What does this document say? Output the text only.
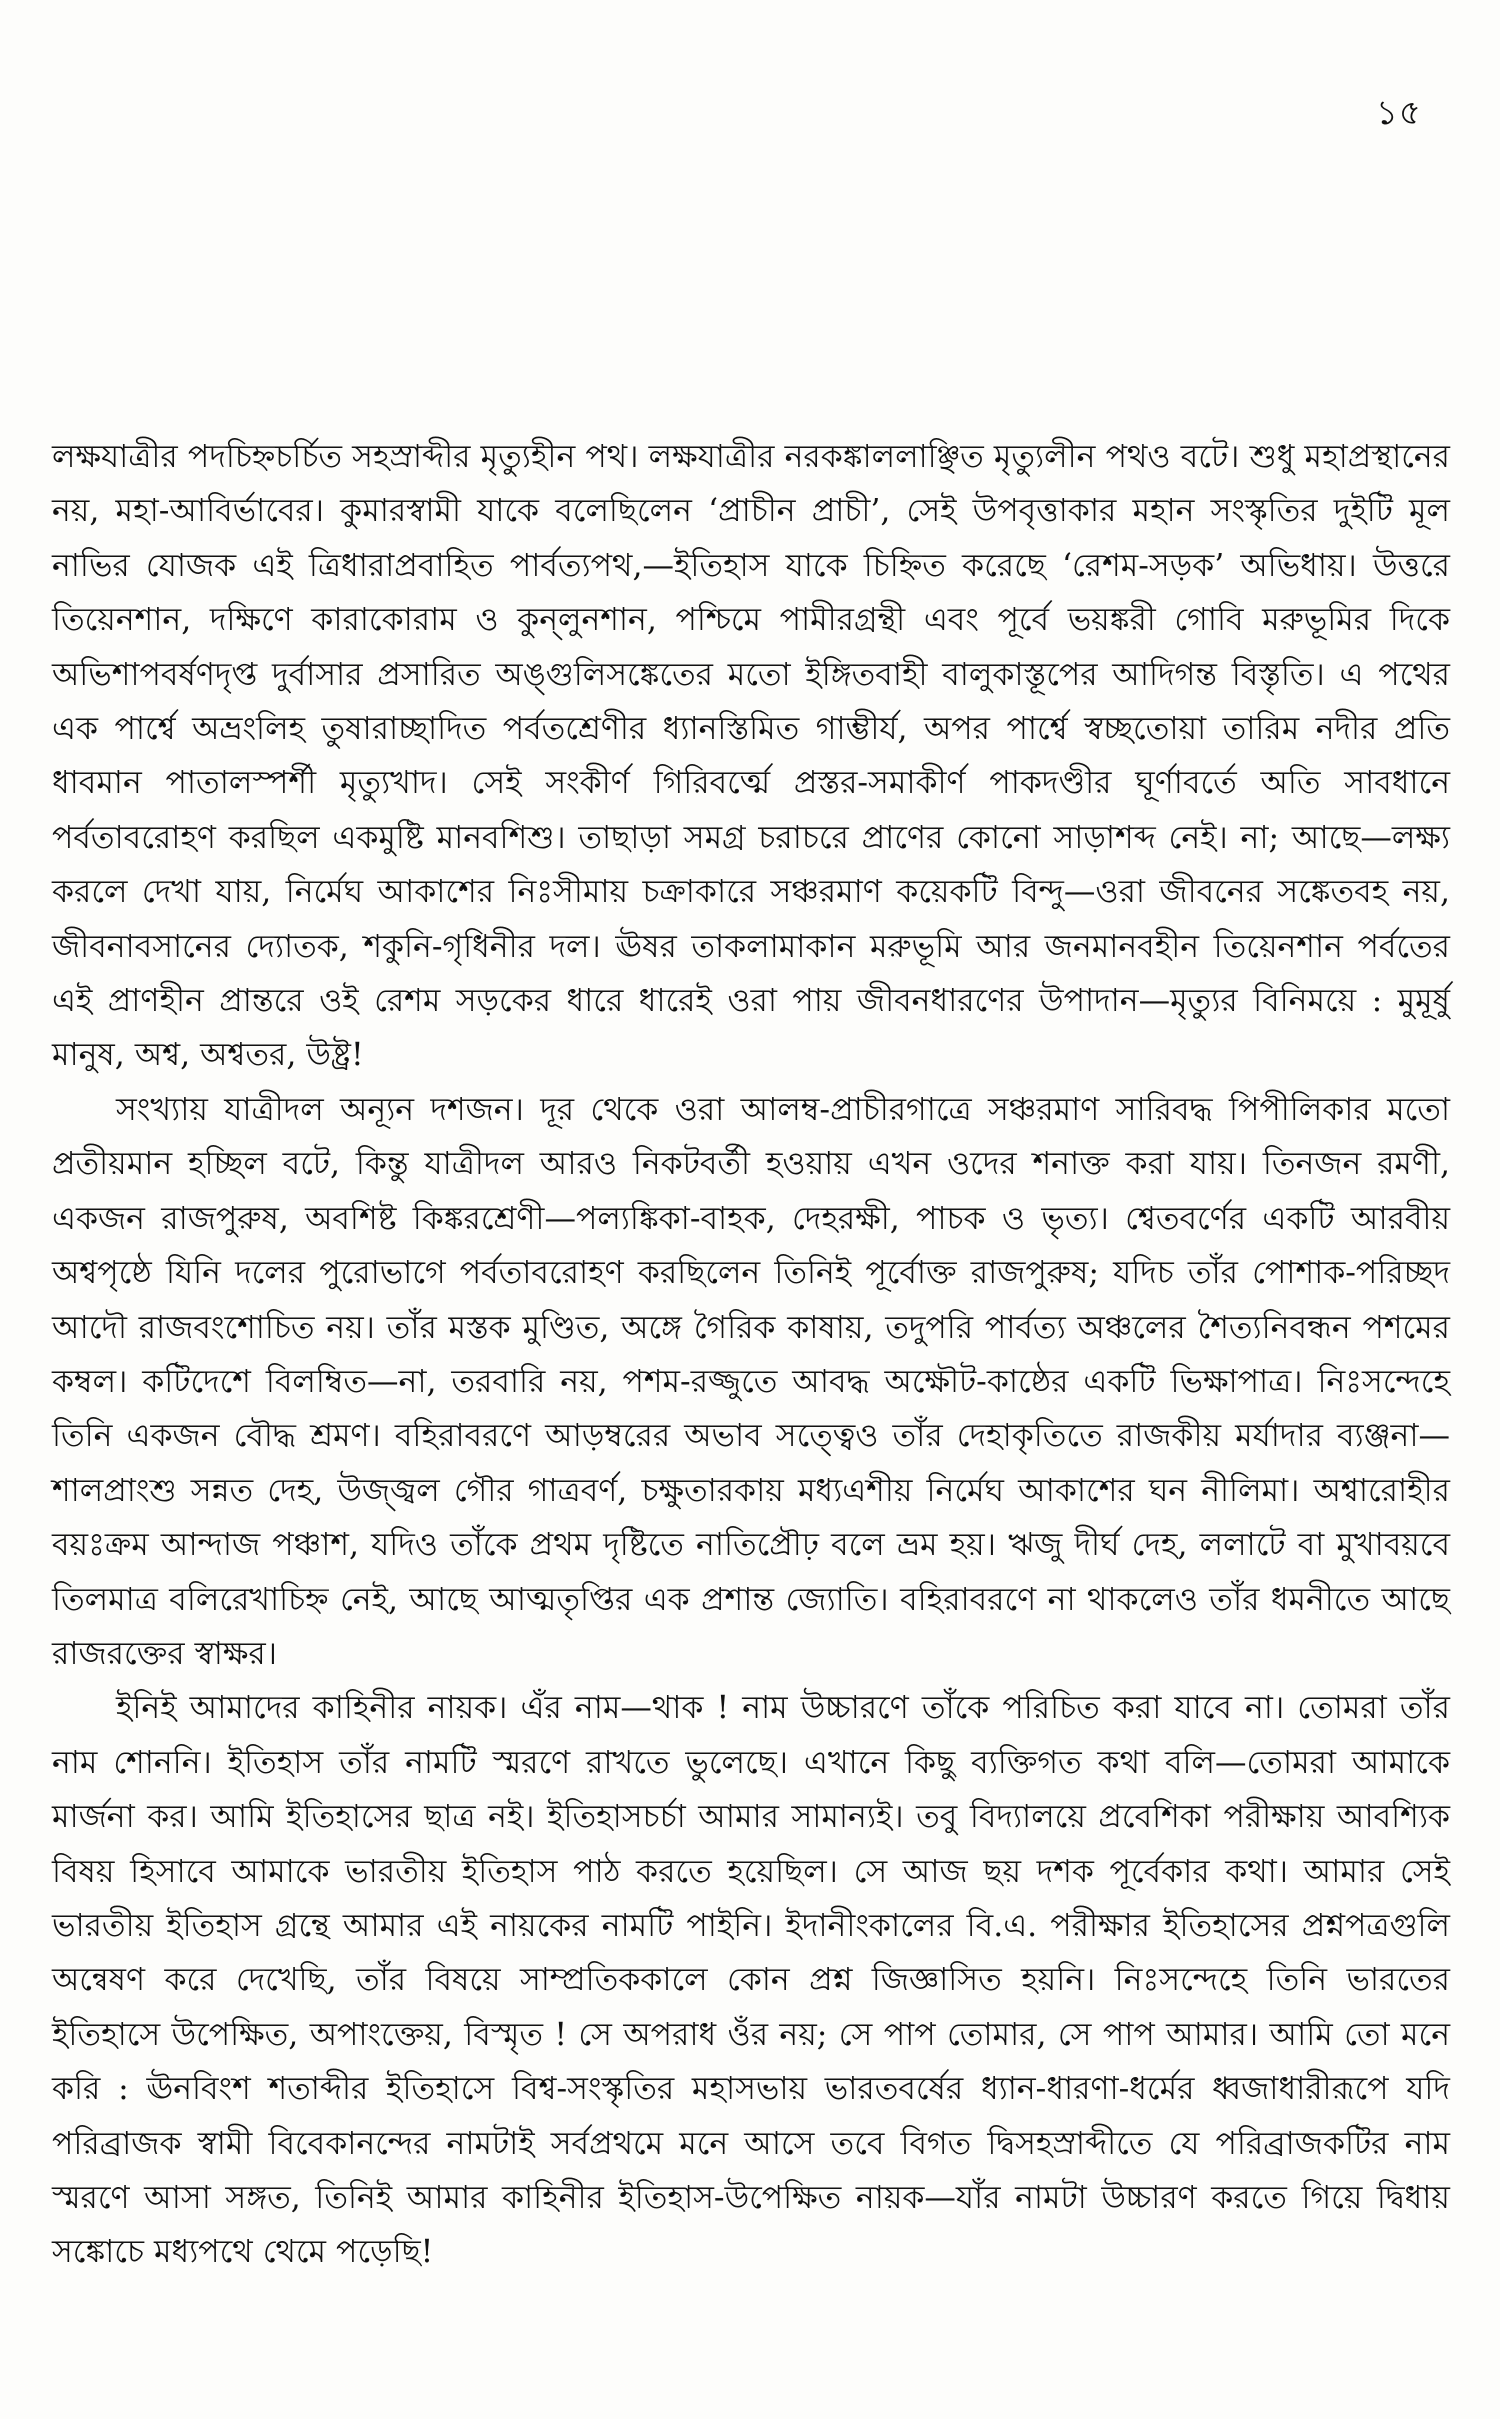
১৫

লক্ষযাত্রীর পদচিহ্নচর্চিত সহস্রাব্দীর মৃত্যুহীন পথ। লক্ষযাত্রীর নরকঙ্কাললাঞ্ছিত মৃত্যুলীন পথও বটে। শুধু মহাপ্রস্থানের নয়, মহা-আবির্ভাবের। কুমারস্বামী যাকে বলেছিলেন ‘প্রাচীন প্রাচী’, সেই উপবৃত্তাকার মহান সংস্কৃতির দুইটি মূল নাভির যোজক এই ত্রিধারাপ্রবাহিত পার্বত্যপথ,—ইতিহাস যাকে চিহ্নিত করেছে ‘রেশম-সড়ক’ অভিধায়। উত্তরে তিয়েনশান, দক্ষিণে কারাকোরাম ও কুন্‌লুনশান, পশ্চিমে পামীরগ্রন্থী এবং পূর্বে ভয়ঙ্করী গোবি মরুভূমির দিকে অভিশাপবর্ষণদৃপ্ত দুর্বাসার প্রসারিত অঙ্গুলিসঙ্কেতের মতো ইঙ্গিতবাহী বালুকাস্তূপের আদিগন্ত বিস্তৃতি। এ পথের এক পার্শ্বে অভ্রংলিহ তুষারাচ্ছাদিত পর্বতশ্রেণীর ধ্যানস্তিমিত গাম্ভীর্য, অপর পার্শ্বে স্বচ্ছতোয়া তারিম নদীর প্রতি ধাবমান পাতালস্পর্শী মৃত্যুখাদ। সেই সংকীর্ণ গিরিবর্ত্মে প্রস্তর-সমাকীর্ণ পাকদণ্ডীর ঘূর্ণাবর্তে অতি সাবধানে পর্বতাবরোহণ করছিল একমুষ্টি মানবশিশু। তাছাড়া সমগ্র চরাচরে প্রাণের কোনো সাড়াশব্দ নেই। না; আছে—লক্ষ্য করলে দেখা যায়, নির্মেঘ আকাশের নিঃসীমায় চক্রাকারে সঞ্চরমাণ কয়েকটি বিন্দু—ওরা জীবনের সঙ্কেতবহ নয়, জীবনাবসানের দ্যোতক, শকুনি-গৃধিনীর দল। ঊষর তাকলামাকান মরুভূমি আর জনমানবহীন তিয়েনশান পর্বতের এই প্রাণহীন প্রান্তরে ওই রেশম সড়কের ধারে ধারেই ওরা পায় জীবনধারণের উপাদান—মৃত্যুর বিনিময়ে : মুমূর্ষু মানুষ, অশ্ব, অশ্বতর, উষ্ট্র!

সংখ্যায় যাত্রীদল অন্যূন দশজন। দূর থেকে ওরা আলম্ব-প্রাচীরগাত্রে সঞ্চরমাণ সারিবদ্ধ পিপীলিকার মতো প্রতীয়মান হচ্ছিল বটে, কিন্তু যাত্রীদল আরও নিকটবর্তী হওয়ায় এখন ওদের শনাক্ত করা যায়। তিনজন রমণী, একজন রাজপুরুষ, অবশিষ্ট কিঙ্করশ্রেণী—পল্যঙ্কিকা-বাহক, দেহরক্ষী, পাচক ও ভৃত্য। শ্বেতবর্ণের একটি আরবীয় অশ্বপৃষ্ঠে যিনি দলের পুরোভাগে পর্বতাবরোহণ করছিলেন তিনিই পূর্বোক্ত রাজপুরুষ; যদিচ তাঁর পোশাক-পরিচ্ছদ আদৌ রাজবংশোচিত নয়। তাঁর মস্তক মুণ্ডিত, অঙ্গে গৈরিক কাষায়, তদুপরি পার্বত্য অঞ্চলের শৈত্যনিবন্ধন পশমের কম্বল। কটিদেশে বিলম্বিত—না, তরবারি নয়, পশম-রজ্জুতে আবদ্ধ অক্ষৌট-কাষ্ঠের একটি ভিক্ষাপাত্র। নিঃসন্দেহে তিনি একজন বৌদ্ধ শ্রমণ। বহিরাবরণে আড়ম্বরের অভাব সত্ত্বেও তাঁর দেহাকৃতিতে রাজকীয় মর্যাদার ব্যঞ্জনা— শালপ্রাংশু সন্নত দেহ, উজ্জ্বল গৌর গাত্রবর্ণ, চক্ষুতারকায় মধ্যএশীয় নির্মেঘ আকাশের ঘন নীলিমা। অশ্বারোহীর বয়ঃক্রম আন্দাজ পঞ্চাশ, যদিও তাঁকে প্রথম দৃষ্টিতে নাতিপ্রৌঢ় বলে ভ্রম হয়। ঋজু দীর্ঘ দেহ, ললাটে বা মুখাবয়বে তিলমাত্র বলিরেখাচিহ্ন নেই, আছে আত্মতৃপ্তির এক প্রশান্ত জ্যোতি। বহিরাবরণে না থাকলেও তাঁর ধমনীতে আছে রাজরক্তের স্বাক্ষর।

ইনিই আমাদের কাহিনীর নায়ক। এঁর নাম—থাক ! নাম উচ্চারণে তাঁকে পরিচিত করা যাবে না। তোমরা তাঁর নাম শোননি। ইতিহাস তাঁর নামটি স্মরণে রাখতে ভুলেছে। এখানে কিছু ব্যক্তিগত কথা বলি—তোমরা আমাকে মার্জনা কর। আমি ইতিহাসের ছাত্র নই। ইতিহাসচর্চা আমার সামান্যই। তবু বিদ্যালয়ে প্রবেশিকা পরীক্ষায় আবশ্যিক বিষয় হিসাবে আমাকে ভারতীয় ইতিহাস পাঠ করতে হয়েছিল। সে আজ ছয় দশক পূর্বেকার কথা। আমার সেই ভারতীয় ইতিহাস গ্রন্থে আমার এই নায়কের নামটি পাইনি। ইদানীংকালের বি.এ. পরীক্ষার ইতিহাসের প্রশ্নপত্রগুলি অন্বেষণ করে দেখেছি, তাঁর বিষয়ে সাম্প্রতিককালে কোন প্রশ্ন জিজ্ঞাসিত হয়নি। নিঃসন্দেহে তিনি ভারতের ইতিহাসে উপেক্ষিত, অপাংক্তেয়, বিস্মৃত ! সে অপরাধ ওঁর নয়; সে পাপ তোমার, সে পাপ আমার। আমি তো মনে করি : ঊনবিংশ শতাব্দীর ইতিহাসে বিশ্ব-সংস্কৃতির মহাসভায় ভারতবর্ষের ধ্যান-ধারণা-ধর্মের ধ্বজাধারীরূপে যদি পরিব্রাজক স্বামী বিবেকানন্দের নামটাই সর্বপ্রথমে মনে আসে তবে বিগত দ্বিসহস্রাব্দীতে যে পরিব্রাজকটির নাম স্মরণে আসা সঙ্গত, তিনিই আমার কাহিনীর ইতিহাস-উপেক্ষিত নায়ক—যাঁর নামটা উচ্চারণ করতে গিয়ে দ্বিধায় সঙ্কোচে মধ্যপথে থেমে পড়েছি!
